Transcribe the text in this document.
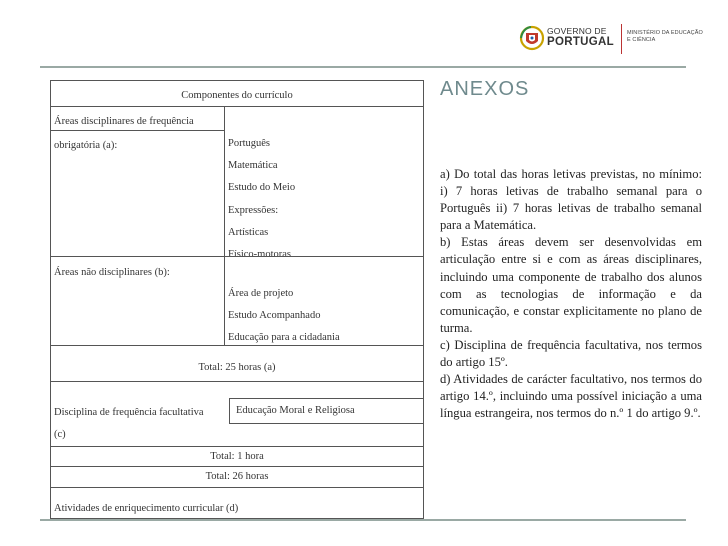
GOVERNO DE
PORTUGAL
MINISTÉRIO DA EDUCAÇÃO
E CIÊNCIA
ANEXOS
Componentes do currículo
Áreas disciplinares de frequência
obrigatória (a):	Português
Matemática
Estudo do Meio
Expressões:
Artísticas
Físico-motoras
Áreas não disciplinares (b):
Área de projeto
Estudo Acompanhado
Educação para a cidadania
Total: 25 horas (a)
Disciplina de frequência facultativa
(c)
Educação Moral e Religiosa
Total: 1 hora
Total: 26 horas
Atividades de enriquecimento curricular (d)

a) Do total das horas letivas previstas, no mínimo: i) 7 horas letivas de trabalho semanal para o Português ii) 7 horas letivas de trabalho semanal para a Matemática.

b) Estas áreas devem ser desenvolvidas em articulação entre si e com as áreas disciplinares, incluindo uma componente de trabalho dos alunos com as tecnologias de informação e da comunicação, e constar explicitamente no plano de turma.

c) Disciplina de frequência facultativa, nos termos do artigo 15º.

d) Atividades de carácter facultativo, nos termos do artigo 14.º, incluindo uma possível iniciação a uma língua estrangeira, nos termos do n.º 1 do artigo 9.º.
